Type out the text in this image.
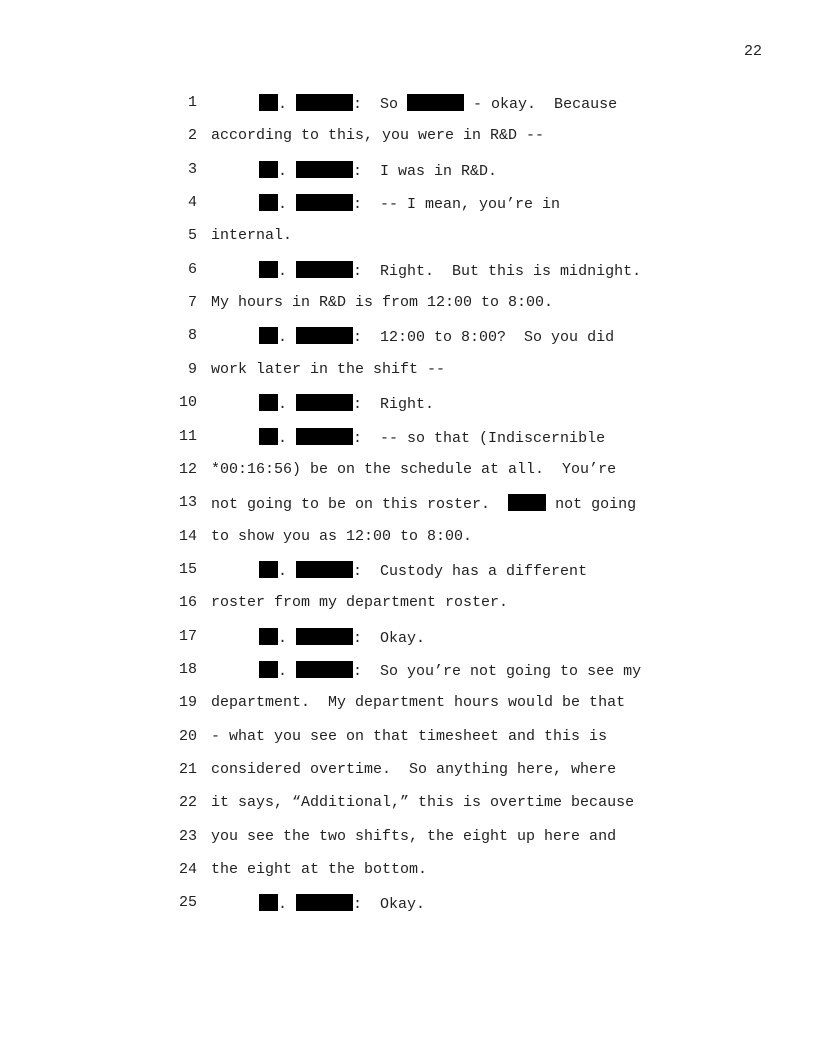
22
1	.	:  So	- okay.  Because
2 according to this, you were in R&D --
3	.	:  I was in R&D.
4	.	:  -- I mean, you’re in
5 internal.
6	.	:  Right.  But this is midnight.
7 My hours in R&D is from 12:00 to 8:00.
8	.	:  12:00 to 8:00?  So you did
9 work later in the shift --
10	.	:  Right.
11	.	:  -- so that (Indiscernible
12 *00:16:56) be on the schedule at all.  You’re
13 not going to be on this roster.	not going
14 to show you as 12:00 to 8:00.
15	.	:  Custody has a different
16 roster from my department roster.
17	.	:  Okay.
18	.	:  So you’re not going to see my
19 department.  My department hours would be that
20 - what you see on that timesheet and this is
21 considered overtime.  So anything here, where
22 it says, “Additional,” this is overtime because
23 you see the two shifts, the eight up here and
24 the eight at the bottom.
25	.	:  Okay.
